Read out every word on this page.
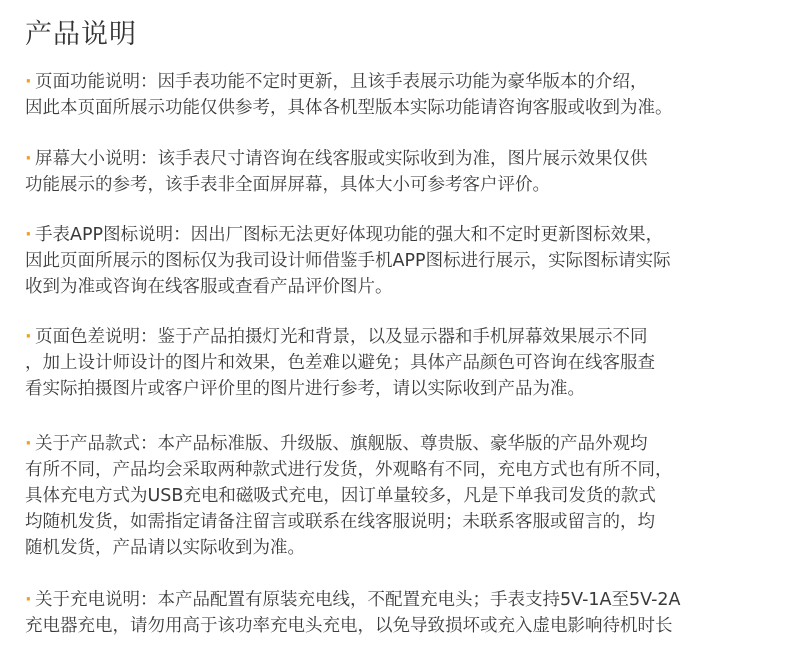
产品说明
· 页面功能说明：因手表功能不定时更新，且该手表展示功能为豪华版本的介绍，
因此本页面所展示功能仅供参考，具体各机型版本实际功能请咨询客服或收到为准。
· 屏幕大小说明：该手表尺寸请咨询在线客服或实际收到为准，图片展示效果仅供
功能展示的参考，该手表非全面屏屏幕，具体大小可参考客户评价。
· 手表APP图标说明：因出厂图标无法更好体现功能的强大和不定时更新图标效果，
因此页面所展示的图标仅为我司设计师借鉴手机APP图标进行展示，实际图标请实际
收到为准或咨询在线客服或查看产品评价图片。
· 页面色差说明：鉴于产品拍摄灯光和背景，以及显示器和手机屏幕效果展示不同
，加上设计师设计的图片和效果，色差难以避免；具体产品颜色可咨询在线客服查
看实际拍摄图片或客户评价里的图片进行参考，请以实际收到产品为准。
· 关于产品款式：本产品标准版、升级版、旗舰版、尊贵版、豪华版的产品外观均
有所不同，产品均会采取两种款式进行发货，外观略有不同，充电方式也有所不同，
具体充电方式为USB充电和磁吸式充电，因订单量较多，凡是下单我司发货的款式
均随机发货，如需指定请备注留言或联系在线客服说明；未联系客服或留言的，均
随机发货，产品请以实际收到为准。
· 关于充电说明：本产品配置有原装充电线，不配置充电头；手表支持5V-1A至5V-2A
充电器充电，请勿用高于该功率充电头充电，以免导致损坏或充入虚电影响待机时长
